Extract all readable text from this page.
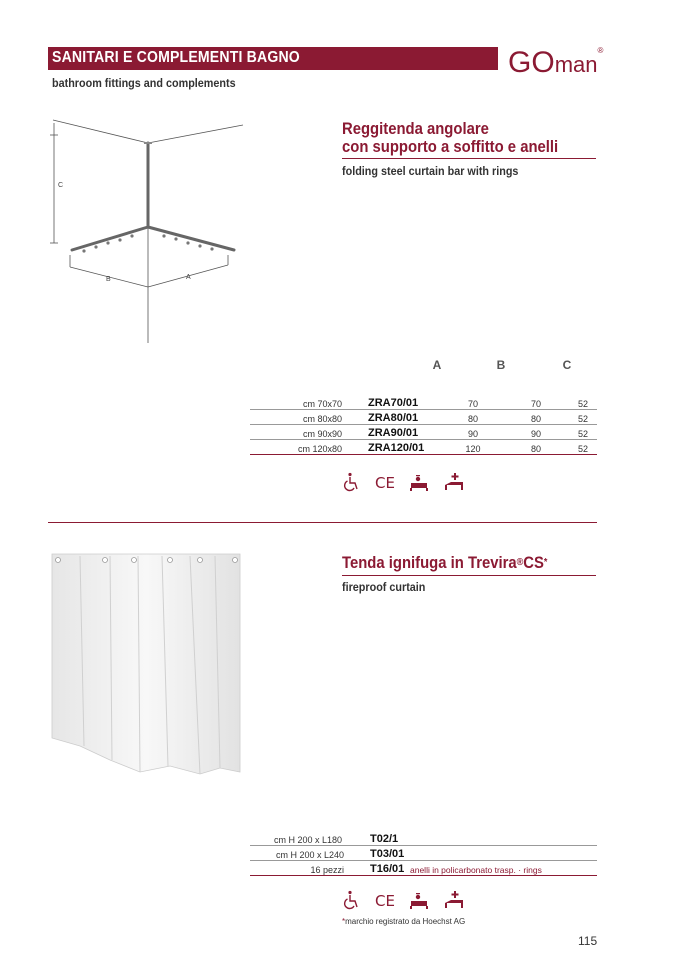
SANITARI E COMPLEMENTI BAGNO
bathroom fittings and complements
GOman®
C
B	A
Reggitenda angolare
con supporto a soffitto e anelli
folding steel curtain bar with rings
A	B	C
cm 70x70	ZRA70/01	70	70	52
cm 80x80	ZRA80/01	80	80	52
cm 90x90	ZRA90/01	90	90	52
cm 120x80	ZRA120/01	120	80	52
CE
Tenda ignifuga in Trevira®CS*
fireproof curtain
cm H 200 x L180	T02/1	
cm H 200 x L240	T03/01	
16 pezzi	T16/01	anelli in policarbonato trasp. · rings
CE
*marchio registrato da Hoechst AG
115
